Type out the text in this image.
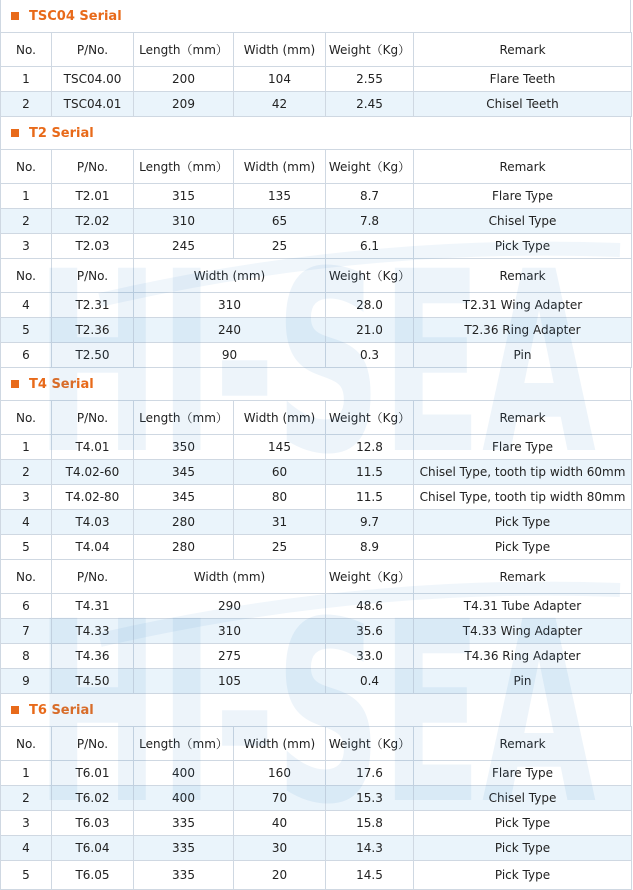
TSC04 Serial
No.	P/No.	Length（mm）	Width (mm)	Weight（Kg）	Remark
1	TSC04.00	200	104	2.55	Flare Teeth
2	TSC04.01	209	42	2.45	Chisel Teeth
T2 Serial
No.	P/No.	Length（mm）	Width (mm)	Weight（Kg）	Remark
1	T2.01	315	135	8.7	Flare Type
2	T2.02	310	65	7.8	Chisel Type
3	T2.03	245	25	6.1	Pick Type
No.	P/No.	Width (mm)		Weight（Kg）	Remark
4	T2.31	310		28.0	T2.31 Wing Adapter
5	T2.36	240		21.0	T2.36 Ring Adapter
6	T2.50	90		0.3	Pin
T4 Serial
No.	P/No.	Length（mm）	Width (mm)	Weight（Kg）	Remark
1	T4.01	350	145	12.8	Flare Type
2	T4.02-60	345	60	11.5	Chisel Type, tooth tip width 60mm
3	T4.02-80	345	80	11.5	Chisel Type, tooth tip width 80mm
4	T4.03	280	31	9.7	Pick Type
5	T4.04	280	25	8.9	Pick Type
No.	P/No.	Width (mm)		Weight（Kg）	Remark
6	T4.31	290		48.6	T4.31 Tube Adapter
7	T4.33	310		35.6	T4.33 Wing Adapter
8	T4.36	275		33.0	T4.36 Ring Adapter
9	T4.50	105		0.4	Pin
T6 Serial
No.	P/No.	Length（mm）	Width (mm)	Weight（Kg）	Remark
1	T6.01	400	160	17.6	Flare Type
2	T6.02	400	70	15.3	Chisel Type
3	T6.03	335	40	15.8	Pick Type
4	T6.04	335	30	14.3	Pick Type
5	T6.05	335	20	14.5	Pick Type
